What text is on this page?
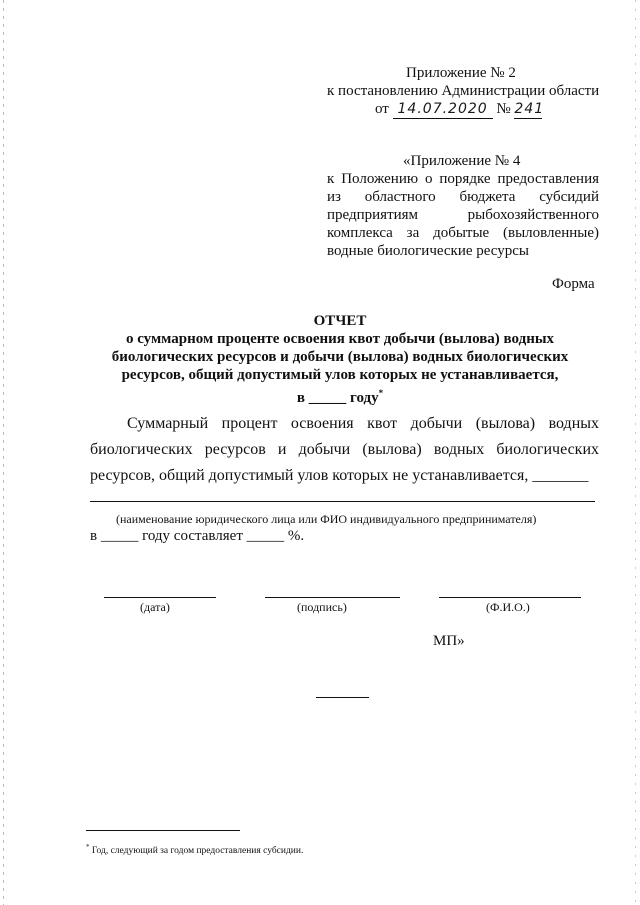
Приложение № 2
к постановлению Администрации области
от 14.07.2020 № 241
«Приложение № 4
к Положению о порядке предоставления
из областного бюджета субсидий
предприятиям рыбохозяйственного
комплекса за добытые (выловленные)
водные биологические ресурсы
Форма
ОТЧЕТ
о суммарном проценте освоения квот добычи (вылова) водных
биологических ресурсов и добычи (вылова) водных биологических
ресурсов, общий допустимый улов которых не устанавливается,
в _____ году*
Суммарный процент освоения квот добычи (вылова) водных
биологических ресурсов и добычи (вылова) водных биологических
ресурсов, общий допустимый улов которых не устанавливается, _______
(наименование юридического лица или ФИО индивидуального предпринимателя)
в _____ году составляет _____ %.
(дата)	(подпись)	(Ф.И.О.)
МП»
* Год, следующий за годом предоставления субсидии.
